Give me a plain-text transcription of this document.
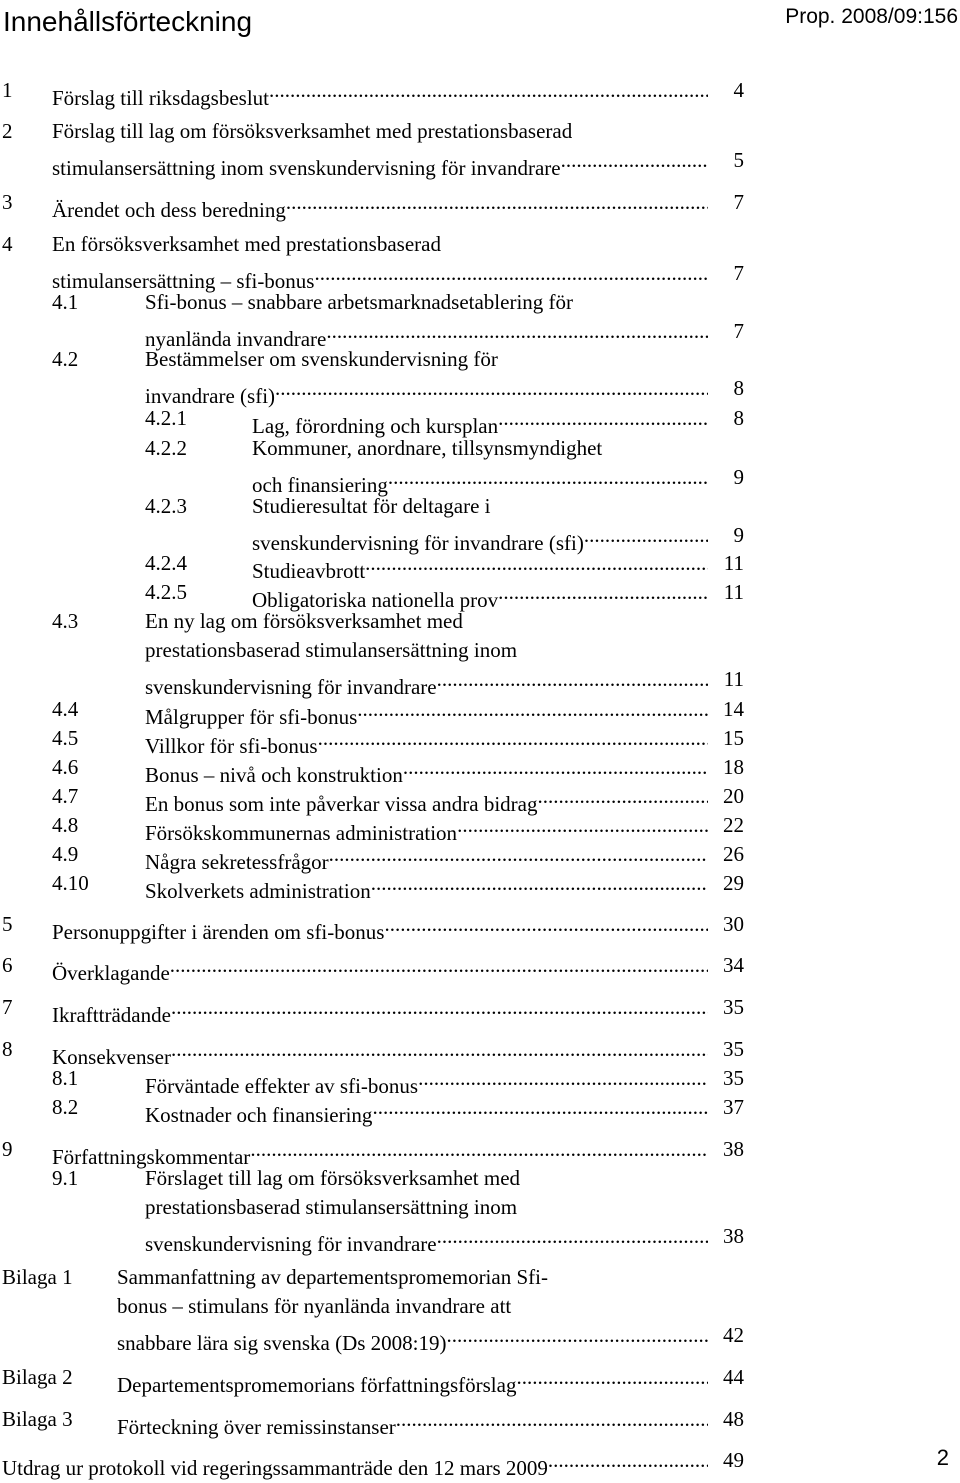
Innehållsförteckning	Prop. 2008/09:156
1 Förslag till riksdagsbeslut .....	4
2 Förslag till lag om försöksverksamhet med prestationsbaserad
stimulansersättning inom svenskundervisning för invandrare .....	5
3 Ärendet och dess beredning .....	7
4 En försöksverksamhet med prestationsbaserad
stimulansersättning – sfi-bonus .....	7
4.1	Sfi-bonus – snabbare arbetsmarknadsetablering för
nyanlända invandrare .....	7
4.2	Bestämmelser om svenskundervisning för
invandrare (sfi) .....	8
4.2.1	Lag, förordning och kursplan .....	8
4.2.2	Kommuner, anordnare, tillsynsmyndighet
och finansiering .....	9
4.2.3	Studieresultat för deltagare i
svenskundervisning för invandrare (sfi) .....	9
4.2.4	Studieavbrott .....	11
4.2.5	Obligatoriska nationella prov .....	11
4.3	En ny lag om försöksverksamhet med
prestationsbaserad stimulansersättning inom
svenskundervisning för invandrare .....	11
4.4	Målgrupper för sfi-bonus .....	14
4.5	Villkor för sfi-bonus .....	15
4.6	Bonus – nivå och konstruktion .....	18
4.7	En bonus som inte påverkar vissa andra bidrag .....	20
4.8	Försökskommunernas administration .....	22
4.9	Några sekretessfrågor .....	26
4.10	Skolverkets administration .....	29
5 Personuppgifter i ärenden om sfi-bonus .....	30
6 Överklagande .....	34
7 Ikraftträdande .....	35
8 Konsekvenser .....	35
8.1	Förväntade effekter av sfi-bonus .....	35
8.2	Kostnader och finansiering .....	37
9 Författningskommentar .....	38
9.1	Förslaget till lag om försöksverksamhet med
prestationsbaserad stimulansersättning inom
svenskundervisning för invandrare .....	38
Bilaga 1 Sammanfattning av departementspromemorian Sfi-
bonus – stimulans för nyanlända invandrare att
snabbare lära sig svenska (Ds 2008:19) .....	42
Bilaga 2 Departementspromemorians författningsförslag .....	44
Bilaga 3 Förteckning över remissinstanser .....	48
Utdrag ur protokoll vid regeringssammanträde den 12 mars 2009 .....	49	2
